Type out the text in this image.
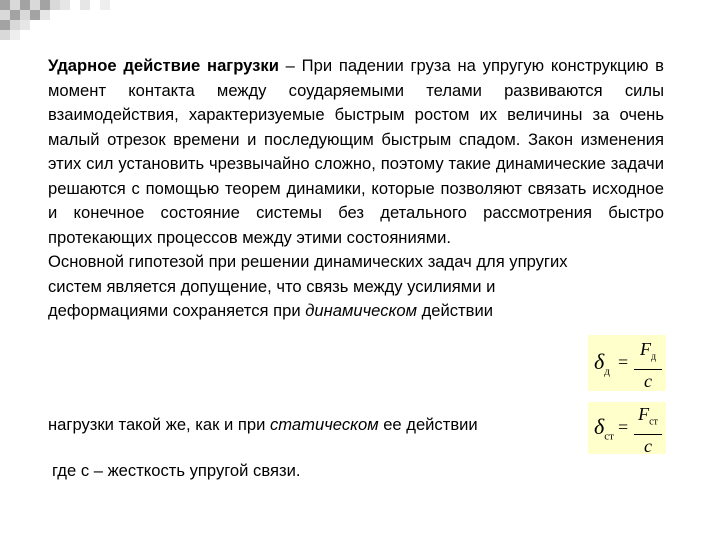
Ударное действие нагрузки – При падении груза на упругую конструкцию в момент контакта между соударяемыми телами развиваются силы взаимодействия, характеризуемые быстрым ростом их величины за очень малый отрезок времени и последующим быстрым спадом. Закон изменения этих сил установить чрезвычайно сложно, поэтому такие динамические задачи решаются с помощью теорем динамики, которые позволяют связать исходное и конечное состояние системы без детального рассмотрения быстро протекающих процессов между этими состояниями.

Основной гипотезой при решении динамических задач для упругих систем является допущение, что связь между усилиями и деформациями сохраняется при динамическом действии

$\delta_д$ =
$F_д$
c
нагрузки такой же, как и при статическом ее действии	$\delta_{ст}$ =
$F_{ст}$
c
где с – жесткость упругой связи.
